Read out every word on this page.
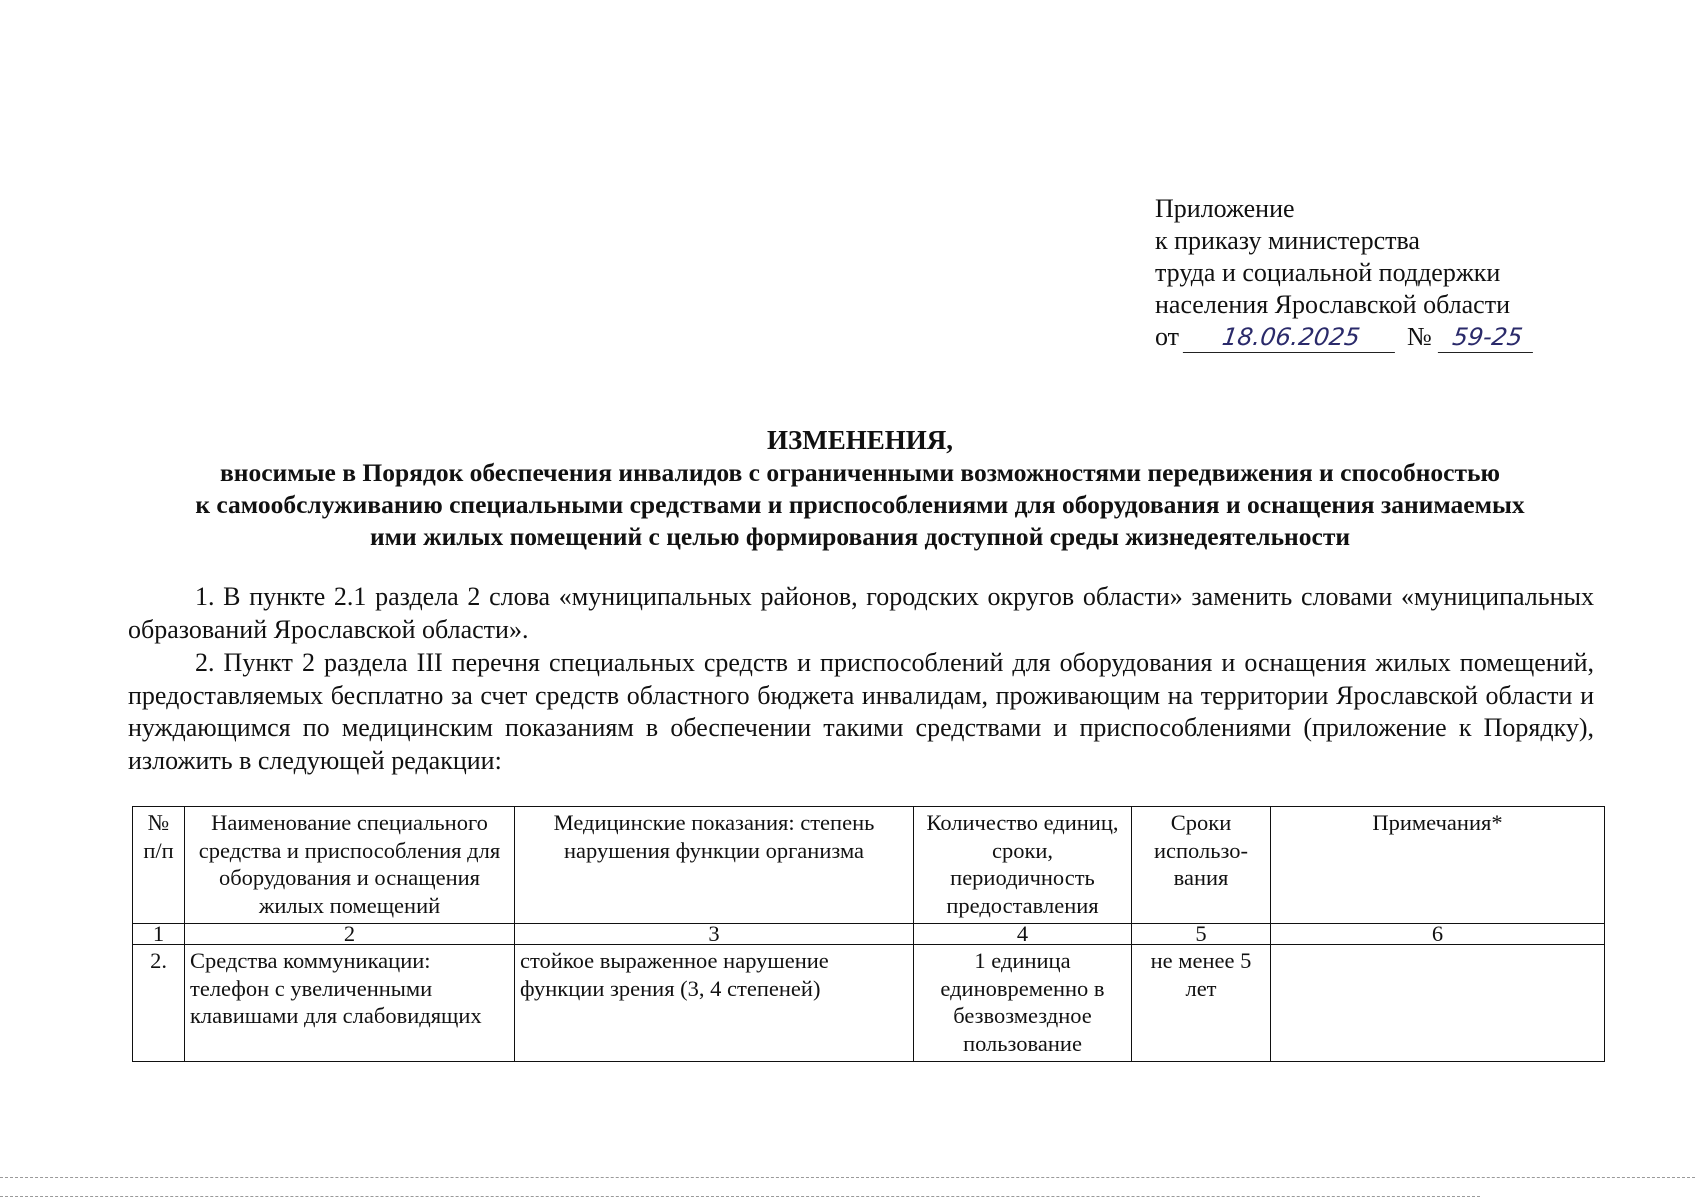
Приложение
к приказу министерства
труда и социальной поддержки
населения Ярославской области
от	18.06.2025	№ 59-25
ИЗМЕНЕНИЯ,
вносимые в Порядок обеспечения инвалидов с ограниченными возможностями передвижения и способностью
к самообслуживанию специальными средствами и приспособлениями для оборудования и оснащения занимаемых
ими жилых помещений с целью формирования доступной среды жизнедеятельности
1. В пункте 2.1 раздела 2 слова «муниципальных районов, городских округов области» заменить словами «муниципальных образований Ярославской области».
2. Пункт 2 раздела III перечня специальных средств и приспособлений для оборудования и оснащения жилых помещений, предоставляемых бесплатно за счет средств областного бюджета инвалидам, проживающим на территории Ярославской области и нуждающимся по медицинским показаниям в обеспечении такими средствами и приспособлениями (приложение к Порядку), изложить в следующей редакции:
№ п/п	Наименование специального средства и приспособления для оборудования и оснащения жилых помещений	Медицинские показания: степень нарушения функции организма	Количество единиц, сроки, периодичность предоставления	Сроки использо-вания	Примечания*
1	2	3	4	5	6
2.	Средства коммуникации: телефон с увеличенными клавишами для слабовидящих	стойкое выраженное нарушение функции зрения (3, 4 степеней)	1 единица единовременно в безвозмездное пользование	не менее 5 лет	
